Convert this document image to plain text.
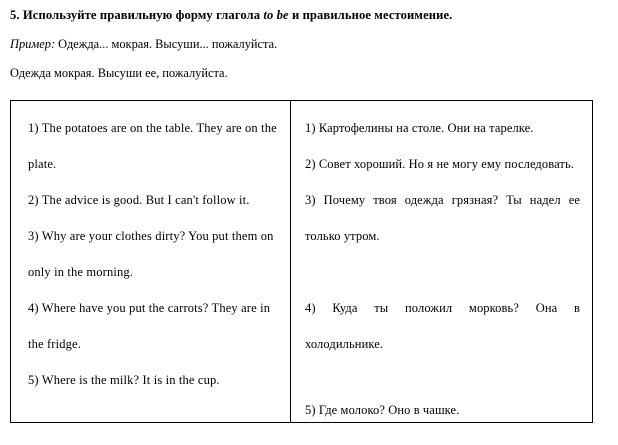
5. Используйте правильную форму глагола to be и правильное местоимение.
Пример: Одежда... мокрая. Высуши... пожалуйста.
Одежда мокрая. Высуши ее, пожалуйста.

1) The potatoes are on the table. They are on the plate.

2) The advice is good. But I can't follow it.

3) Why are your clothes dirty? You put them on only in the morning.

4) Where have you put the carrots? They are in the fridge.

5) Where is the milk? It is in the cup.

1) Картофелины на столе. Они на тарелке.

2) Совет хороший. Но я не могу ему последовать.

3) Почему твоя одежда грязная? Ты надел ее только утром.

4) Куда ты положил морковь? Она в холодильнике.

5) Где молоко? Оно в чашке.
